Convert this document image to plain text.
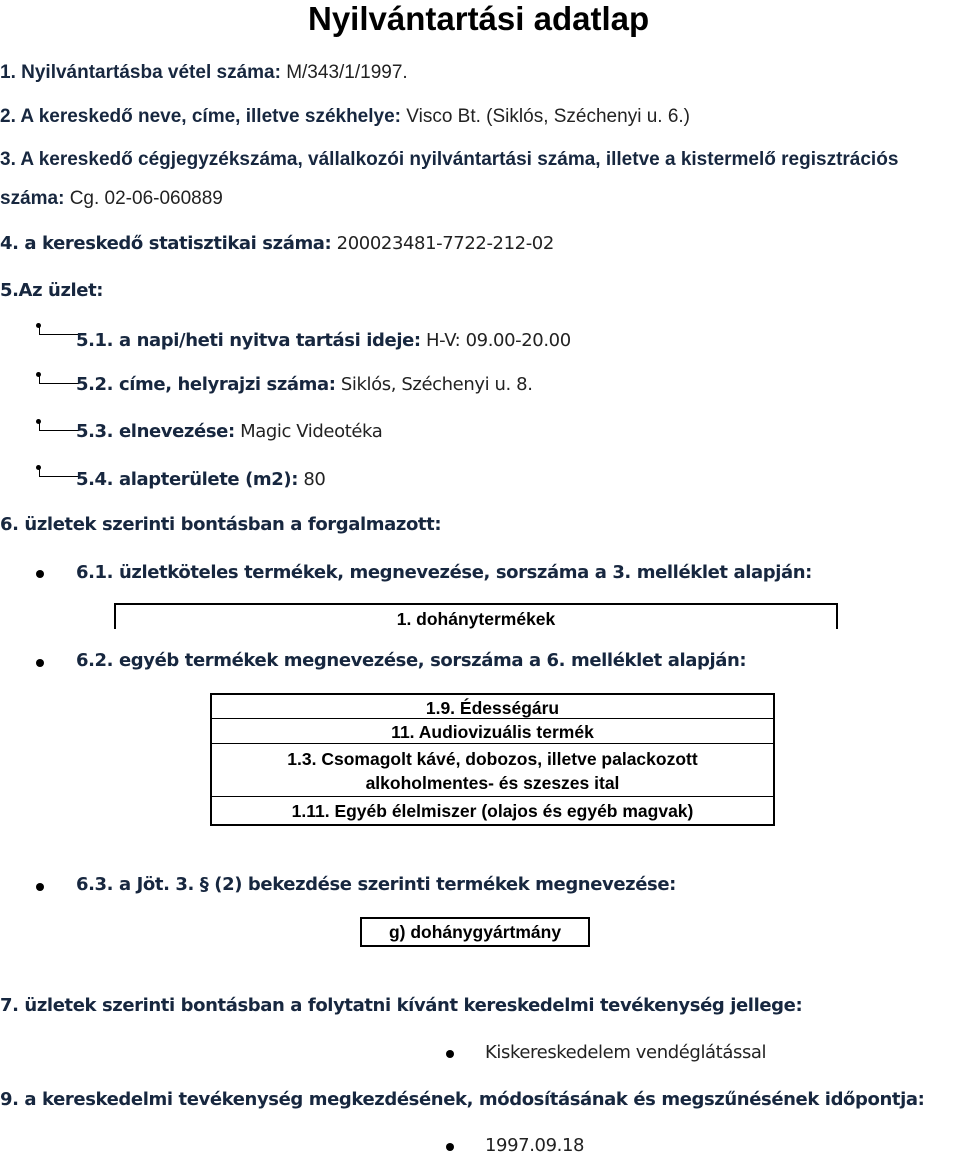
Nyilvántartási adatlap
1. Nyilvántartásba vétel száma: M/343/1/1997.
2. A kereskedő neve, címe, illetve székhelye: Visco Bt. (Siklós, Széchenyi u. 6.)
3. A kereskedő cégjegyzékszáma, vállalkozói nyilvántartási száma, illetve a kistermelő regisztrációs
száma: Cg. 02-06-060889
4. a kereskedő statisztikai száma: 200023481-7722-212-02
5.Az üzlet:
5.1. a napi/heti nyitva tartási ideje: H-V: 09.00-20.00
5.2. címe, helyrajzi száma: Siklós, Széchenyi u. 8.
5.3. elnevezése: Magic Videotéka
5.4. alapterülete (m2): 80
6. üzletek szerinti bontásban a forgalmazott:
6.1. üzletköteles termékek, megnevezése, sorszáma a 3. melléklet alapján:
1. dohánytermékek
6.2. egyéb termékek megnevezése, sorszáma a 6. melléklet alapján:
1.9. Édességáru
11. Audiovizuális termék
1.3. Csomagolt kávé, dobozos, illetve palackozott
alkoholmentes- és szeszes ital
1.11. Egyéb élelmiszer (olajos és egyéb magvak)
6.3. a Jöt. 3. § (2) bekezdése szerinti termékek megnevezése:
g) dohánygyártmány
7. üzletek szerinti bontásban a folytatni kívánt kereskedelmi tevékenység jellege:
Kiskereskedelem vendéglátással
9. a kereskedelmi tevékenység megkezdésének, módosításának és megszűnésének időpontja:
1997.09.18
